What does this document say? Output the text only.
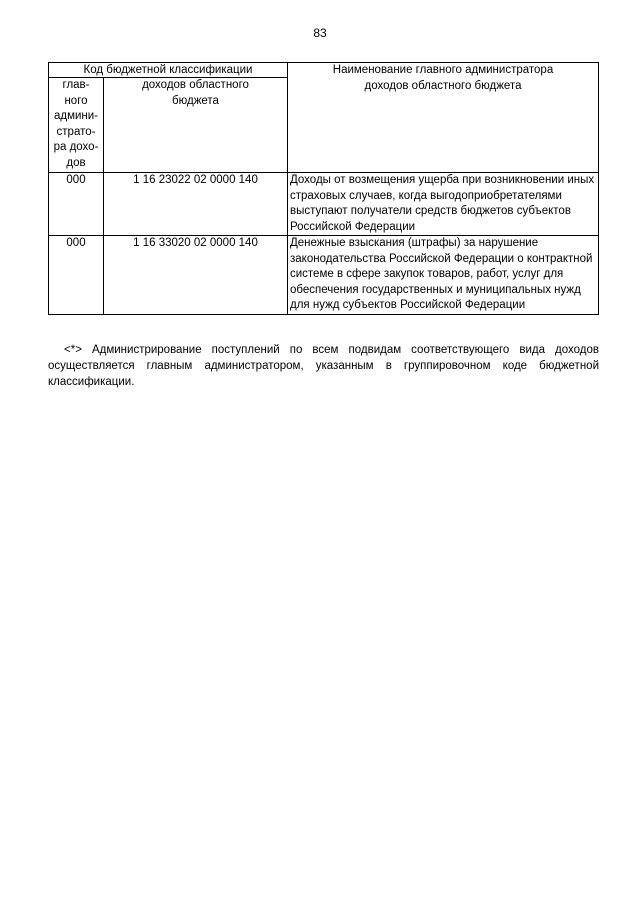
83
Код бюджетной классификации		Наименование главного администратора доходов областного бюджета
глав-ного админи-страто-ра дохо-дов	доходов областного бюджета	
000	1 16 23022 02 0000 140	Доходы от возмещения ущерба при возникновении иных страховых случаев, когда выгодоприобретателями выступают получатели средств бюджетов субъектов Российской Федерации
000	1 16 33020 02 0000 140	Денежные взыскания (штрафы) за нарушение законодательства Российской Федерации о контрактной системе в сфере закупок товаров, работ, услуг для обеспечения государственных и муниципальных нужд для нужд субъектов Российской Федерации
<*> Администрирование поступлений по всем подвидам соответствующего вида доходов осуществляется главным администратором, указанным в группировочном коде бюджетной классификации.
